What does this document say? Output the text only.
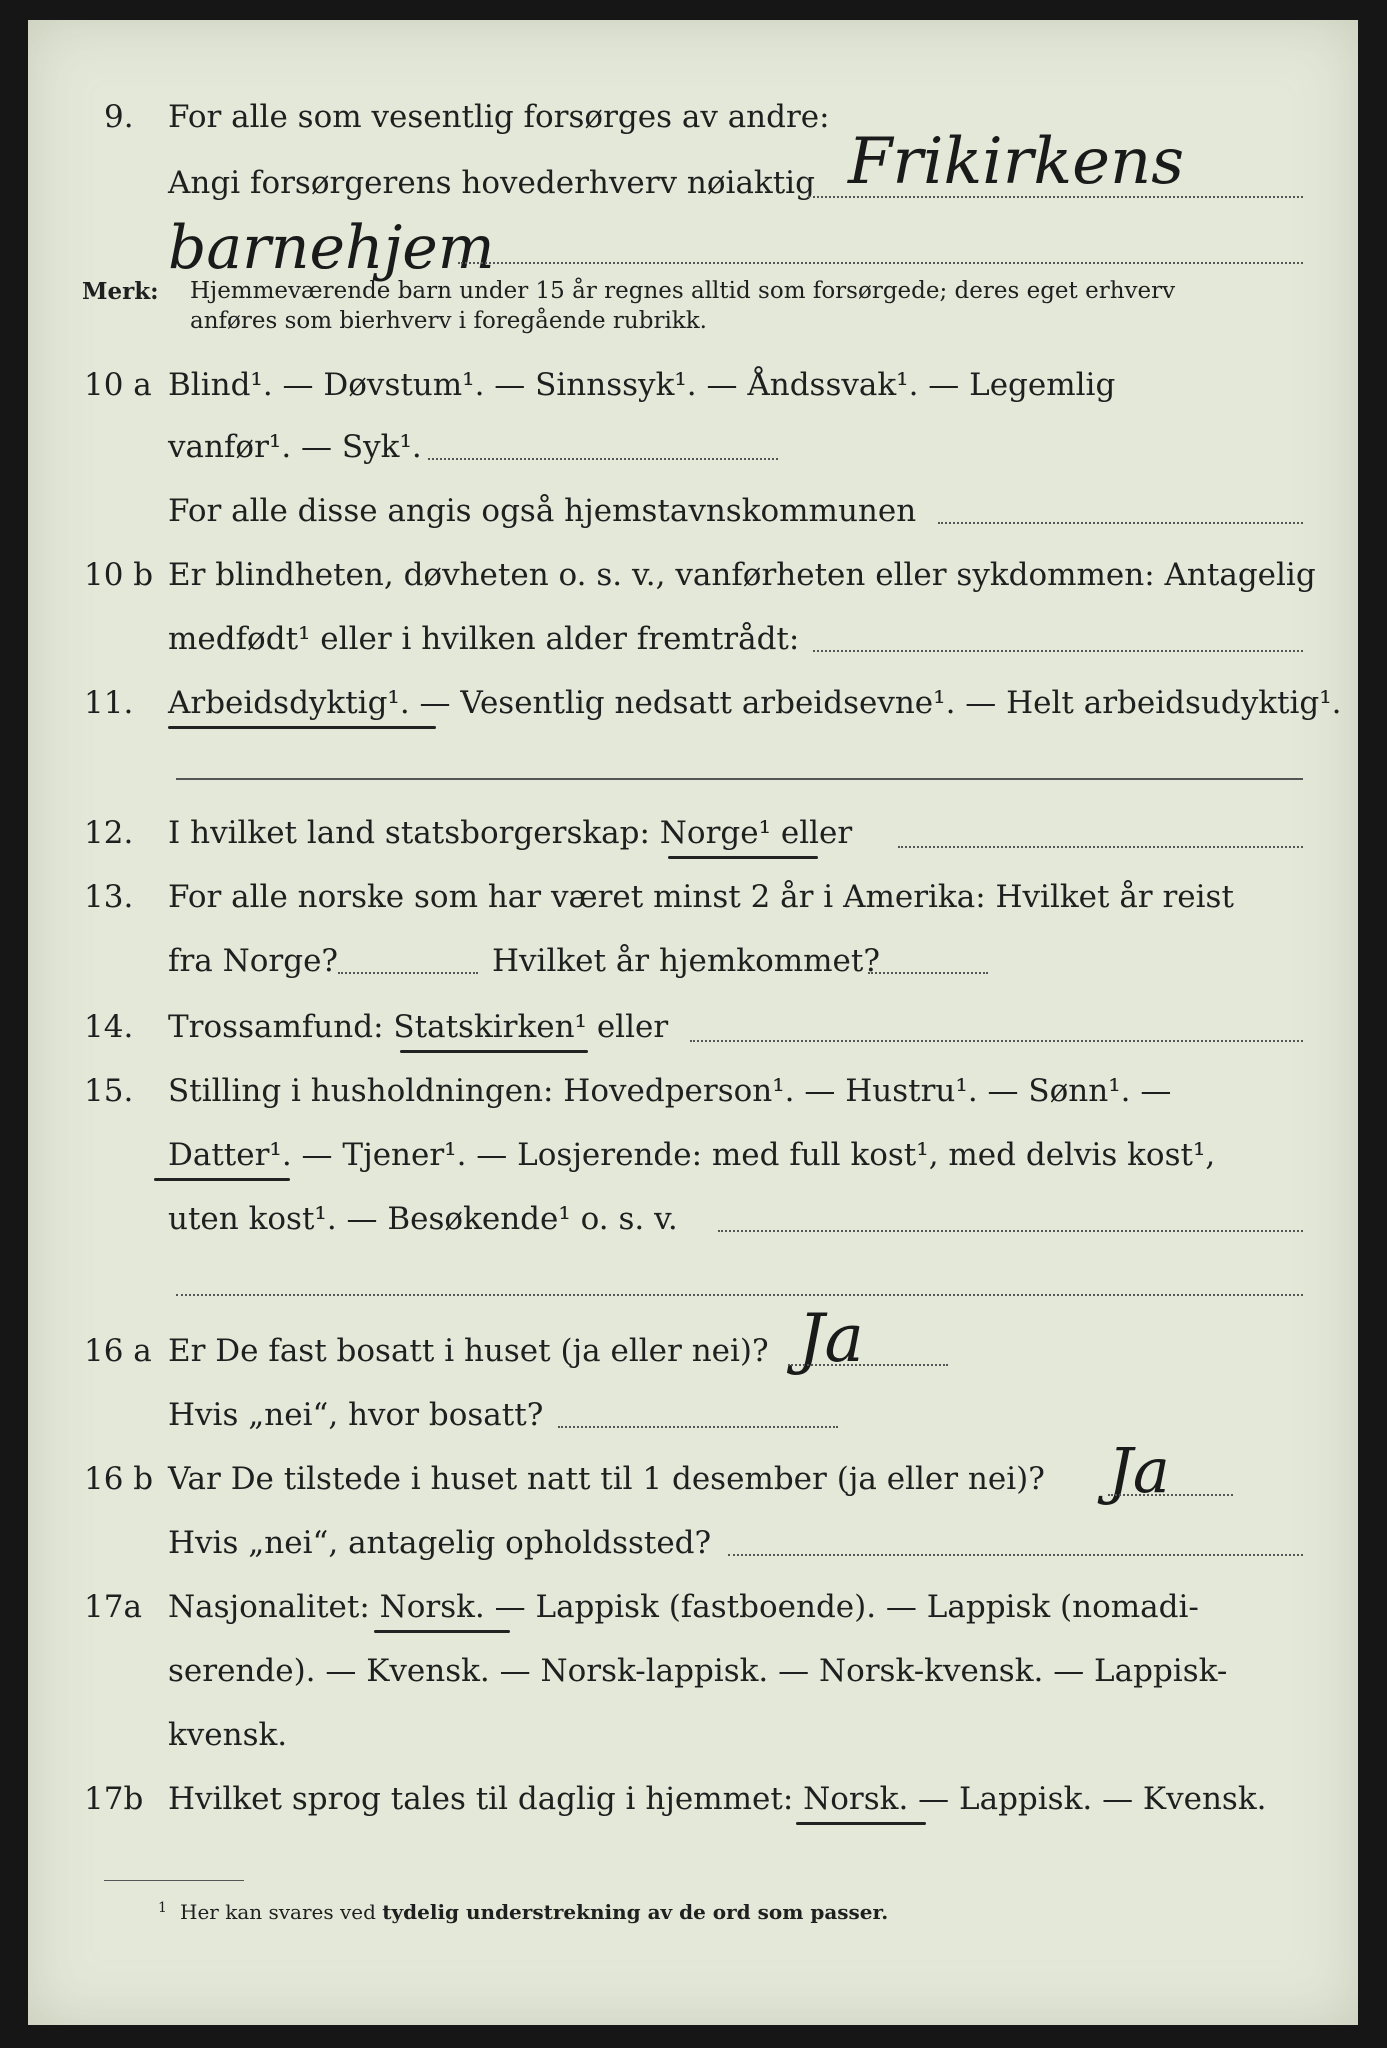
9. For alle som vesentlig forsørges av andre:
Angi forsørgerens hovederhverv nøiaktig Frikirkens
barnehjem
Merk: Hjemmeværende barn under 15 år regnes alltid som forsørgede; deres eget erhverv
anføres som bierhverv i foregående rubrikk.
10 a Blind¹. — Døvstum¹. — Sinnssyk¹. — Åndssvak¹. — Legemlig
vanfør¹. — Syk¹.
For alle disse angis også hjemstavnskommunen
10 b Er blindheten, døvheten o. s. v., vanførheten eller sykdommen: Antagelig
medfødt¹ eller i hvilken alder fremtrådt:
11. Arbeidsdyktig¹. — Vesentlig nedsatt arbeidsevne¹. — Helt arbeidsudyktig¹.
12. I hvilket land statsborgerskap: Norge¹ eller
13. For alle norske som har været minst 2 år i Amerika: Hvilket år reist
fra Norge?	Hvilket år hjemkommet?
14. Trossamfund: Statskirken¹ eller
15. Stilling i husholdningen: Hovedperson¹. — Hustru¹. — Sønn¹. —
Datter¹. — Tjener¹. — Losjerende: med full kost¹, med delvis kost¹,
uten kost¹. — Besøkende¹ o. s. v.
16 a Er De fast bosatt i huset (ja eller nei)? Ja
Hvis „nei“, hvor bosatt?
16 b Var De tilstede i huset natt til 1 desember (ja eller nei)? Ja
Hvis „nei“, antagelig opholdssted?
17a Nasjonalitet: Norsk. — Lappisk (fastboende). — Lappisk (nomadi-
serende). — Kvensk. — Norsk-lappisk. — Norsk-kvensk. — Lappisk-
kvensk.
17b Hvilket sprog tales til daglig i hjemmet: Norsk. — Lappisk. — Kvensk.
1 Her kan svares ved tydelig understrekning av de ord som passer.
